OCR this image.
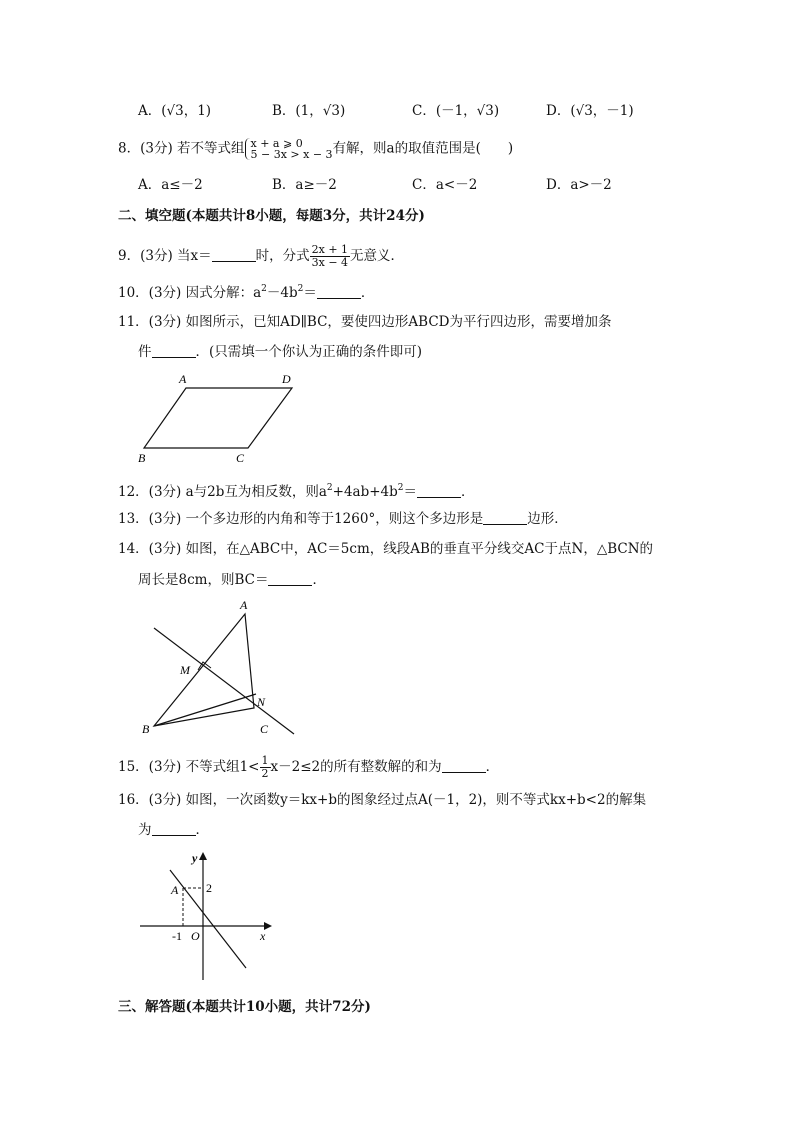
A．(√3，1)	B．(1，√3)	C．(－1，√3)	D．(√3，－1)
8．(3分) 若不等式组 x + a ⩾ 0
5 − 3x > x − 3 有解，则a的取值范围是(　　)
A．a≤－2	B．a≥－2	C．a<－2	D．a>－2
二、填空题(本题共计8小题，每题3分，共计24分)
9．(3分) 当x＝	时，分式 $\frac{2x + 1}{3x - 4}$ 无意义．
10．(3分) 因式分解：$a^2-4b^2=$	．
11．(3分) 如图所示，已知AD∥BC，要使四边形ABCD为平行四边形，需要增加条
件	．(只需填一个你认为正确的条件即可)
A	D
B	C
12．(3分) a与2b互为相反数，则$a^2+4ab+4b^2=$	．
13．(3分) 一个多边形的内角和等于1260°，则这个多边形是	边形．
14．(3分) 如图，在△ABC中，AC＝5cm，线段AB的垂直平分线交AC于点N，△BCN的
周长是8cm，则BC＝	．
A
B	C
M
N
15．(3分) 不等式组$1< \frac{1}{2} x-2\le 2$的所有整数解的和为	．
16．(3分) 如图，一次函数y＝kx+b的图象经过点A(－1，2)，则不等式kx+b<2的解集
为	．
y
x
A
O
-1
2
三、解答题(本题共计10小题，共计72分)
